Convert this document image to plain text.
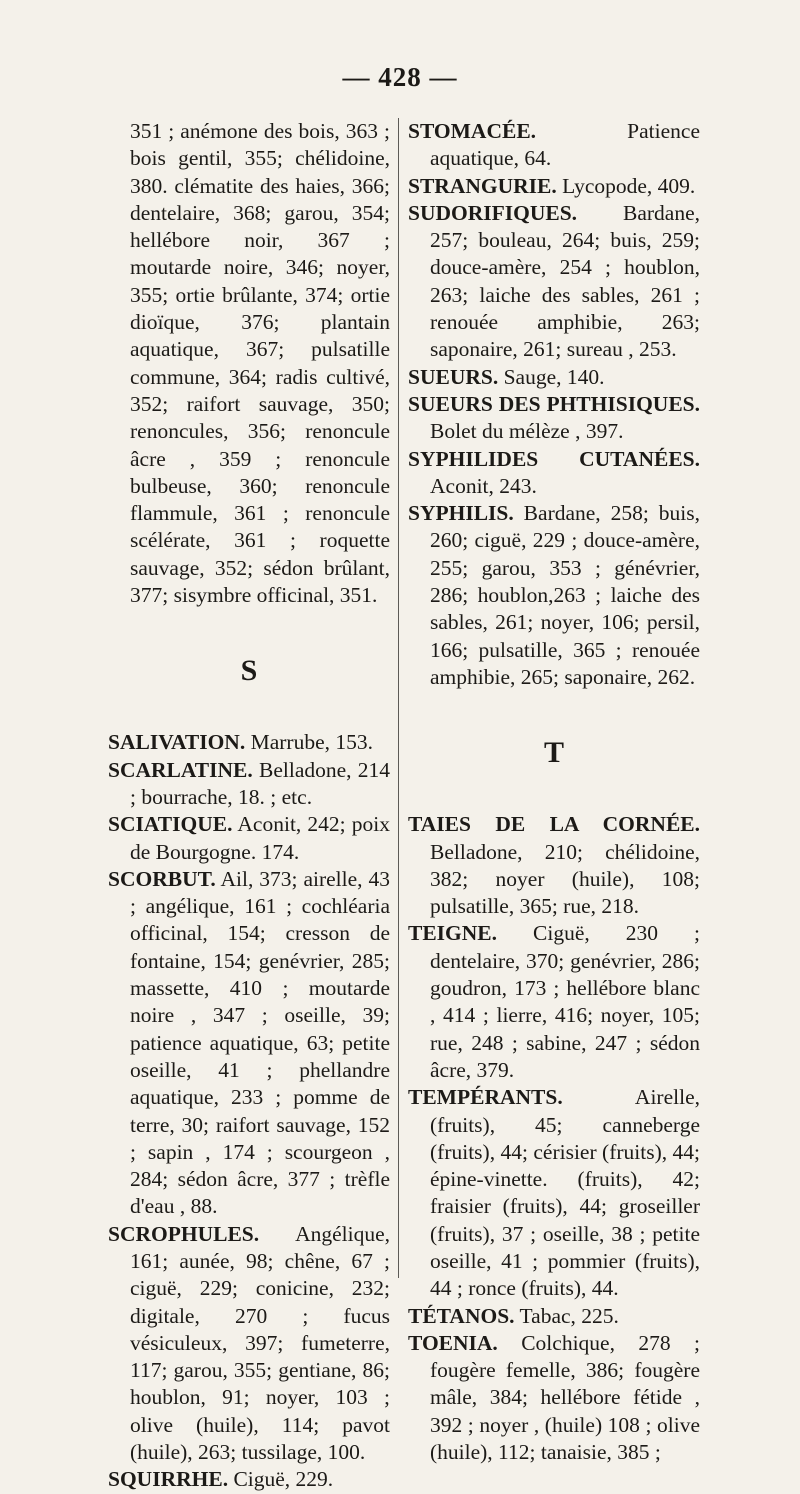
— 428 —

351 ; anémone des bois, 363 ; bois gentil, 355; chélidoine, 380. clématite des haies, 366; dentelaire, 368; garou, 354; hellébore noir, 367 ; moutarde noire, 346; noyer, 355; ortie brûlante, 374; ortie dioïque, 376; plantain aquatique, 367; pulsatille commune, 364; radis cultivé, 352; raifort sauvage, 350; renoncules, 356; renoncule âcre , 359 ; renoncule bulbeuse, 360; renoncule flammule, 361 ; renoncule scélérate, 361 ; roquette sauvage, 352; sédon brûlant, 377; sisymbre officinal, 351.

S

SALIVATION. Marrube, 153.

SCARLATINE. Belladone, 214 ; bourrache, 18. ; etc.

SCIATIQUE. Aconit, 242; poix de Bourgogne. 174.

SCORBUT. Ail, 373; airelle, 43 ; angélique, 161 ; cochléaria officinal, 154; cresson de fontaine, 154; genévrier, 285; massette, 410 ; moutarde noire , 347 ; oseille, 39; patience aquatique, 63; petite oseille, 41 ; phellandre aquatique, 233 ; pomme de terre, 30; raifort sauvage, 152 ; sapin , 174 ; scourgeon , 284; sédon âcre, 377 ; trèfle d'eau , 88.

SCROPHULES. Angélique, 161; aunée, 98; chêne, 67 ; ciguë, 229; conicine, 232; digitale, 270 ; fucus vésiculeux, 397; fumeterre, 117; garou, 355; gentiane, 86; houblon, 91; noyer, 103 ; olive (huile), 114; pavot (huile), 263; tussilage, 100.

SQUIRRHE. Ciguë, 229.

STOMACÉE. Patience aquatique, 64.

STRANGURIE. Lycopode, 409.

SUDORIFIQUES. Bardane, 257; bouleau, 264; buis, 259; douce-amère, 254 ; houblon, 263; laiche des sables, 261 ; renouée amphibie, 263; saponaire, 261; sureau , 253.

SUEURS. Sauge, 140.

SUEURS DES PHTHISIQUES. Bolet du mélèze , 397.

SYPHILIDES CUTANÉES. Aconit, 243.

SYPHILIS. Bardane, 258; buis, 260; ciguë, 229 ; douce-amère, 255; garou, 353 ; génévrier, 286; houblon,263 ; laiche des sables, 261; noyer, 106; persil, 166; pulsatille, 365 ; renouée amphibie, 265; saponaire, 262.

T

TAIES DE LA CORNÉE. Belladone, 210; chélidoine, 382; noyer (huile), 108; pulsatille, 365; rue, 218.

TEIGNE. Ciguë, 230 ; dentelaire, 370; genévrier, 286; goudron, 173 ; hellébore blanc , 414 ; lierre, 416; noyer, 105; rue, 248 ; sabine, 247 ; sédon âcre, 379.

TEMPÉRANTS. Airelle, (fruits), 45; canneberge (fruits), 44; cérisier (fruits), 44; épine-vinette. (fruits), 42; fraisier (fruits), 44; groseiller (fruits), 37 ; oseille, 38 ; petite oseille, 41 ; pommier (fruits), 44 ; ronce (fruits), 44.

TÉTANOS. Tabac, 225.

TOENIA. Colchique, 278 ; fougère femelle, 386; fougère mâle, 384; hellébore fétide , 392 ; noyer , (huile) 108 ; olive (huile), 112; tanaisie, 385 ;
